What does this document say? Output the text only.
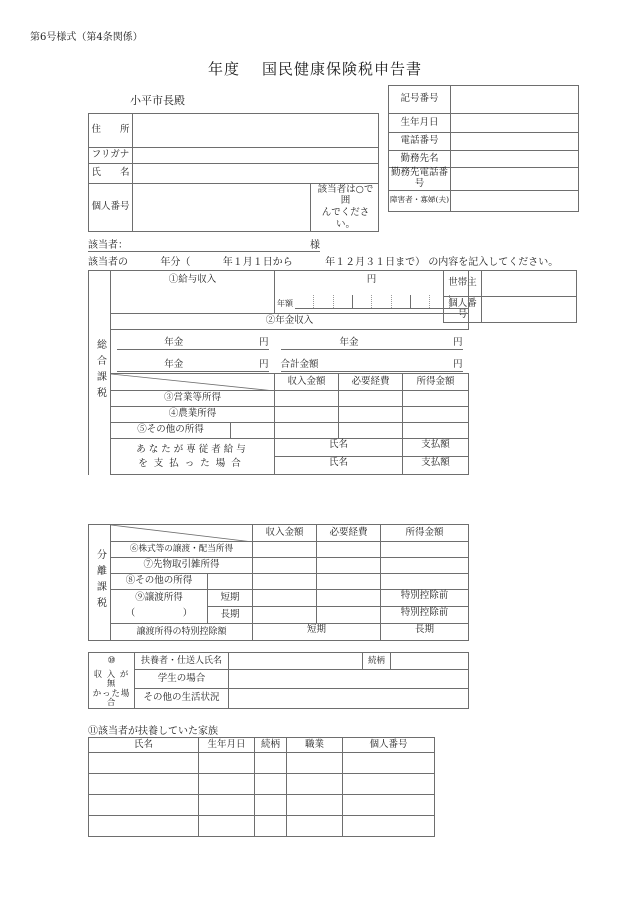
第6号様式（第4条関係）
年度 国民健康保険税申告書
小平市長殿

住　　所		
フリガナ		
氏　　名		
個人番号		該当者は○で囲
んでください。
記号番号	
生年月日	
電話番号	
勤務先名	
勤務先電話番号	
障害者・寡婦(夫)	
該当者：	様
該当者の	年分（	年１月１日から	年１２月３１日まで） の内容を記入してください。
世帯主	
個人番号	
総合課税	①給与収入		円		

			年額		

	②年金収入				

	年金 円		年金 円		

	年金 円		合計金額 円		

	収入金額	必要経費	所得金額
	③営業等所得				
	④農業所得				
	⑤その他の所得				
	あなたが専従者給与
を支払った場合		氏名		支払額
			氏名		支払額
分離課税			収入金額	必要経費	所得金額
	⑥株式等の譲渡・配当所得				
	⑦先物取引雑所得				
	⑧その他の所得				
	⑨譲渡所得	短期			特別控除前
	（　　　　　）	長期			特別控除前
	譲渡所得の特別控除額		短期		長期
⑩	扶養者・仕送人氏名		続柄	
収 入 が 無	学生の場合			
かった場合	その他の生活状況			
⑪該当者が扶養していた家族
氏名	生年月日	続柄	職業	個人番号
